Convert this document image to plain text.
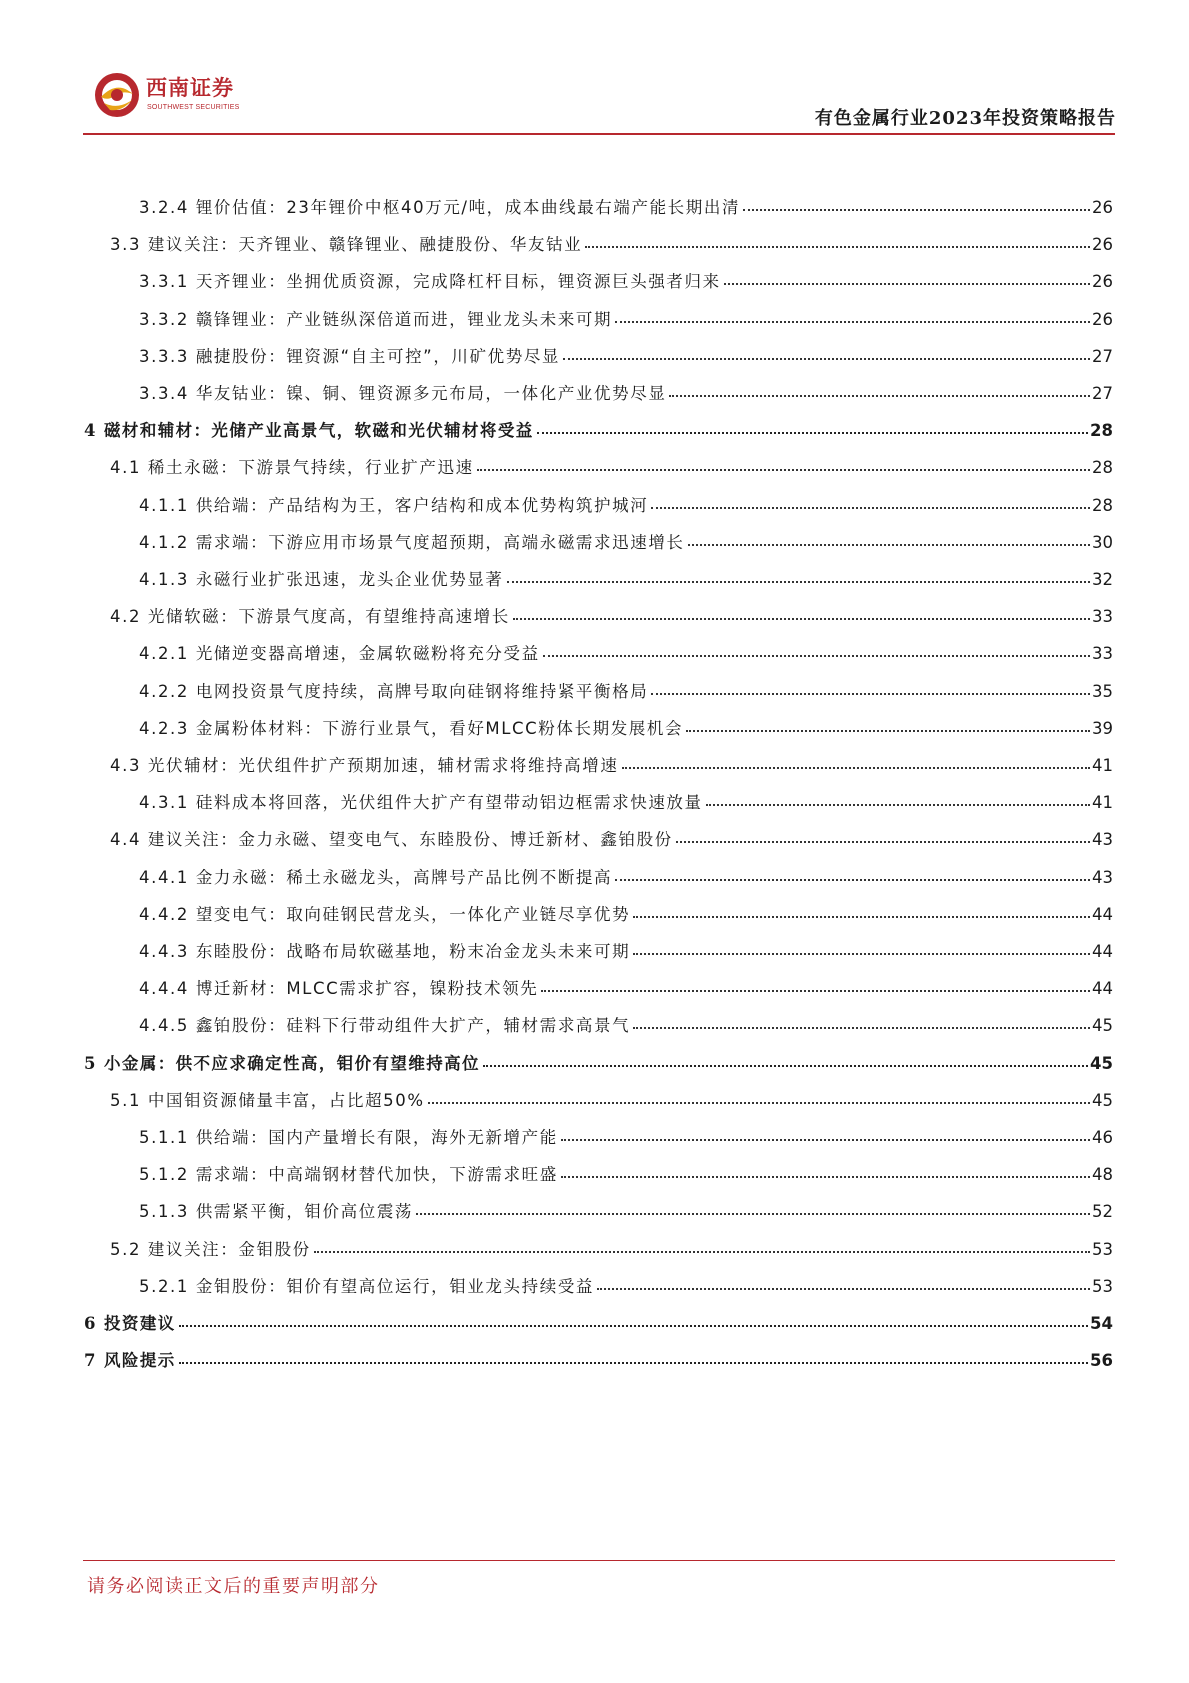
西南证券
SOUTHWEST SECURITIES
有色金属行业2023年投资策略报告
3.2.4 锂价估值：23年锂价中枢40万元/吨，成本曲线最右端产能长期出清	26
3.3 建议关注：天齐锂业、赣锋锂业、融捷股份、华友钴业	26
3.3.1 天齐锂业：坐拥优质资源，完成降杠杆目标，锂资源巨头强者归来	26
3.3.2 赣锋锂业：产业链纵深倍道而进，锂业龙头未来可期	26
3.3.3 融捷股份：锂资源“自主可控”，川矿优势尽显	27
3.3.4 华友钴业：镍、铜、锂资源多元布局，一体化产业优势尽显	27
4 磁材和辅材：光储产业高景气，软磁和光伏辅材将受益	28
4.1 稀土永磁：下游景气持续，行业扩产迅速	28
4.1.1 供给端：产品结构为王，客户结构和成本优势构筑护城河	28
4.1.2 需求端：下游应用市场景气度超预期，高端永磁需求迅速增长	30
4.1.3 永磁行业扩张迅速，龙头企业优势显著	32
4.2 光储软磁：下游景气度高，有望维持高速增长	33
4.2.1 光储逆变器高增速，金属软磁粉将充分受益	33
4.2.2 电网投资景气度持续，高牌号取向硅钢将维持紧平衡格局	35
4.2.3 金属粉体材料：下游行业景气，看好MLCC粉体长期发展机会	39
4.3 光伏辅材：光伏组件扩产预期加速，辅材需求将维持高增速	41
4.3.1 硅料成本将回落，光伏组件大扩产有望带动铝边框需求快速放量	41
4.4 建议关注：金力永磁、望变电气、东睦股份、博迁新材、鑫铂股份	43
4.4.1 金力永磁：稀土永磁龙头，高牌号产品比例不断提高	43
4.4.2 望变电气：取向硅钢民营龙头，一体化产业链尽享优势	44
4.4.3 东睦股份：战略布局软磁基地，粉末冶金龙头未来可期	44
4.4.4 博迁新材：MLCC需求扩容，镍粉技术领先	44
4.4.5 鑫铂股份：硅料下行带动组件大扩产，辅材需求高景气	45
5 小金属：供不应求确定性高，钼价有望维持高位	45
5.1 中国钼资源储量丰富，占比超50%	45
5.1.1 供给端：国内产量增长有限，海外无新增产能	46
5.1.2 需求端：中高端钢材替代加快，下游需求旺盛	48
5.1.3 供需紧平衡，钼价高位震荡	52
5.2 建议关注：金钼股份	53
5.2.1 金钼股份：钼价有望高位运行，钼业龙头持续受益	53
6 投资建议	54
7 风险提示	56
请务必阅读正文后的重要声明部分
